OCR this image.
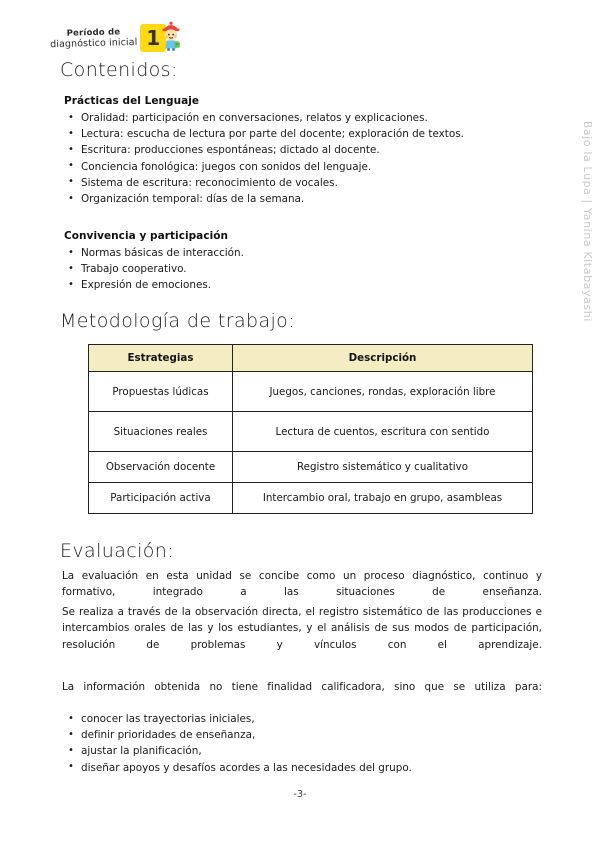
Período de
diagnóstico inicial 1
Contenidos:
Prácticas del Lenguaje
• Oralidad: participación en conversaciones, relatos y explicaciones.
• Lectura: escucha de lectura por parte del docente; exploración de textos.
• Escritura: producciones espontáneas; dictado al docente.
• Conciencia fonológica: juegos con sonidos del lenguaje.
• Sistema de escritura: reconocimiento de vocales.
• Organización temporal: días de la semana.
Convivencia y participación
• Normas básicas de interacción.
• Trabajo cooperativo.
• Expresión de emociones.
Metodología de trabajo:
Estrategias	Descripción
Propuestas lúdicas	Juegos, canciones, rondas, exploración libre
Situaciones reales	Lectura de cuentos, escritura con sentido
Observación docente	Registro sistemático y cualitativo
Participación activa	Intercambio oral, trabajo en grupo, asambleas
Evaluación:
La evaluación en esta unidad se concibe como un proceso diagnóstico, continuo y formativo, integrado a las situaciones de enseñanza.
Se realiza a través de la observación directa, el registro sistemático de las producciones e intercambios orales de las y los estudiantes, y el análisis de sus modos de participación, resolución de problemas y vínculos con el aprendizaje.
La información obtenida no tiene finalidad calificadora, sino que se utiliza para:
• conocer las trayectorias iniciales,
• definir prioridades de enseñanza,
• ajustar la planificación,
• diseñar apoyos y desafíos acordes a las necesidades del grupo.
Bajo la Lupa | Yanina Kitabayashi
-3-
